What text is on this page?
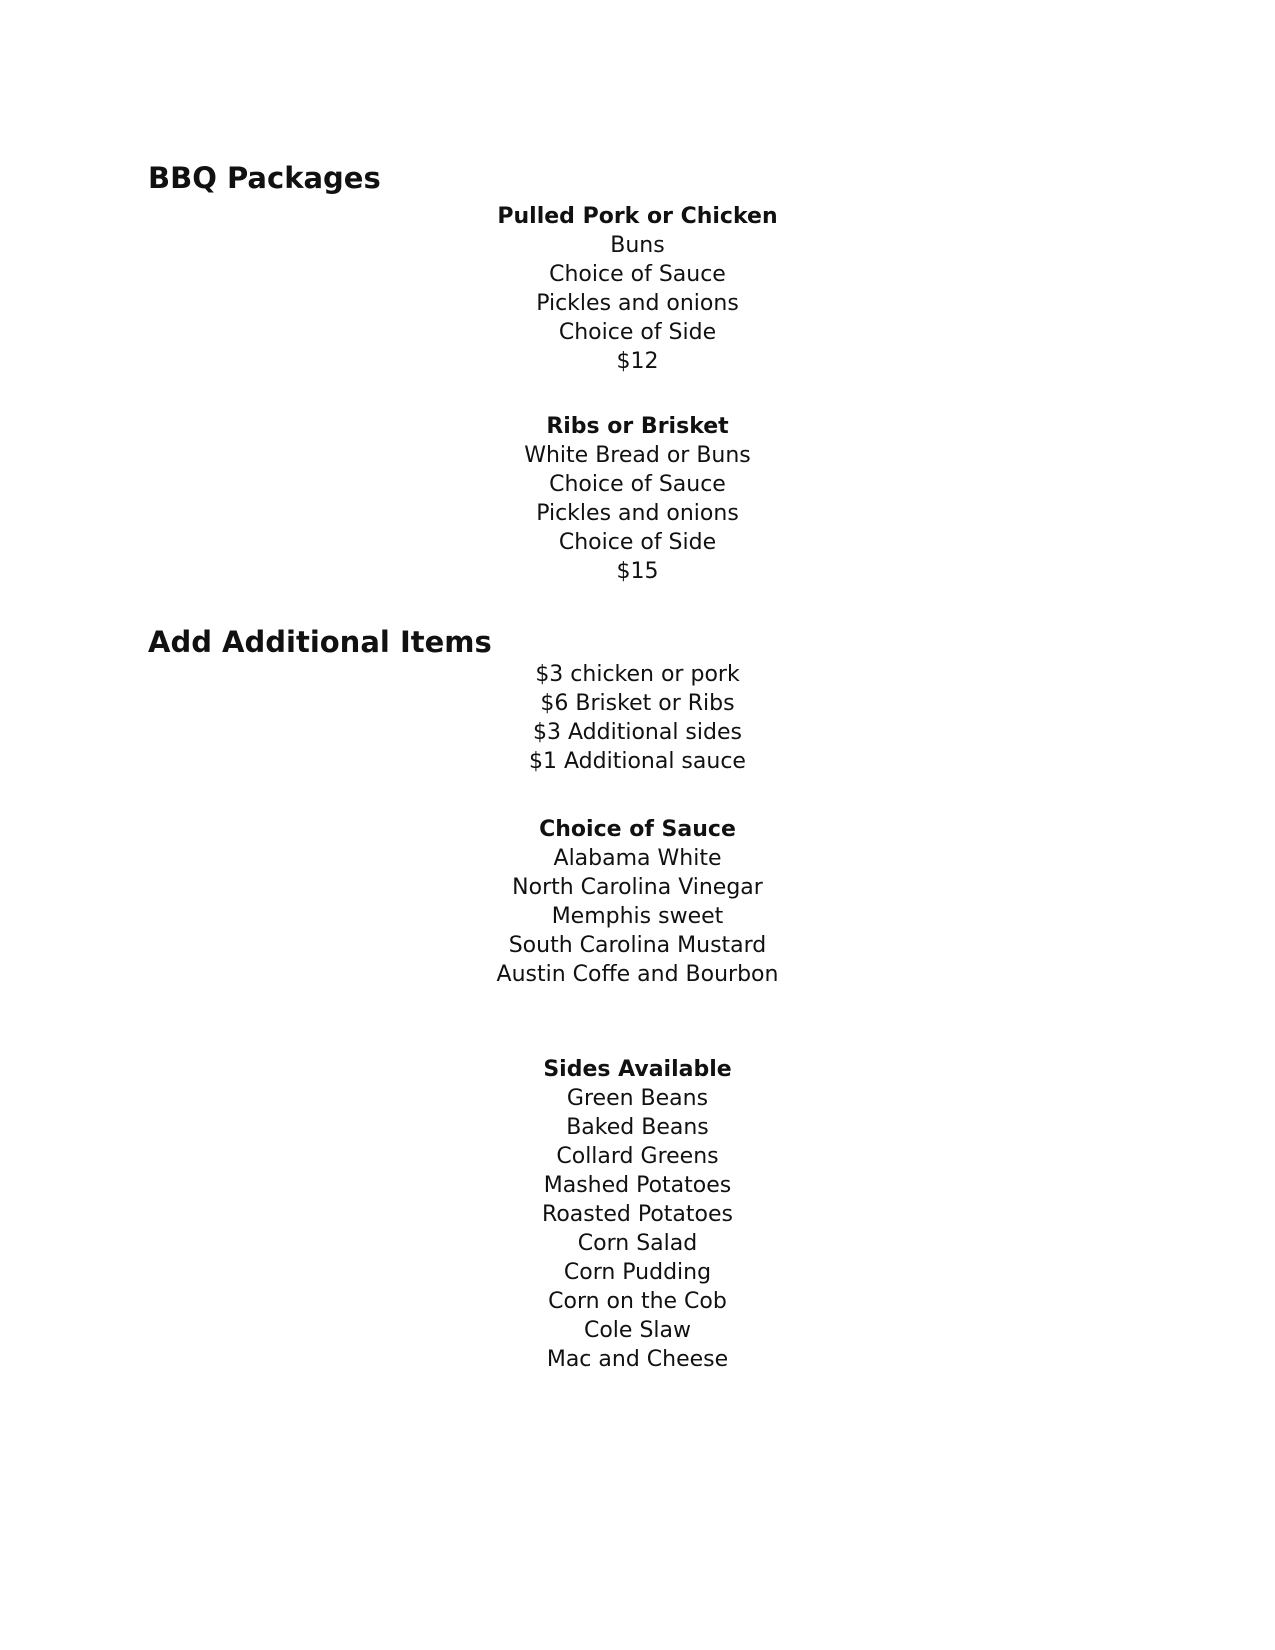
BBQ Packages
Pulled Pork or Chicken
Buns
Choice of Sauce
Pickles and onions
Choice of Side
$12
Ribs or Brisket
White Bread or Buns
Choice of Sauce
Pickles and onions
Choice of Side
$15
Add Additional Items
$3 chicken or pork
$6 Brisket or Ribs
$3 Additional sides
$1 Additional sauce
Choice of Sauce
Alabama White
North Carolina Vinegar
Memphis sweet
South Carolina Mustard
Austin Coffe and Bourbon
Sides Available
Green Beans
Baked Beans
Collard Greens
Mashed Potatoes
Roasted Potatoes
Corn Salad
Corn Pudding
Corn on the Cob
Cole Slaw
Mac and Cheese
